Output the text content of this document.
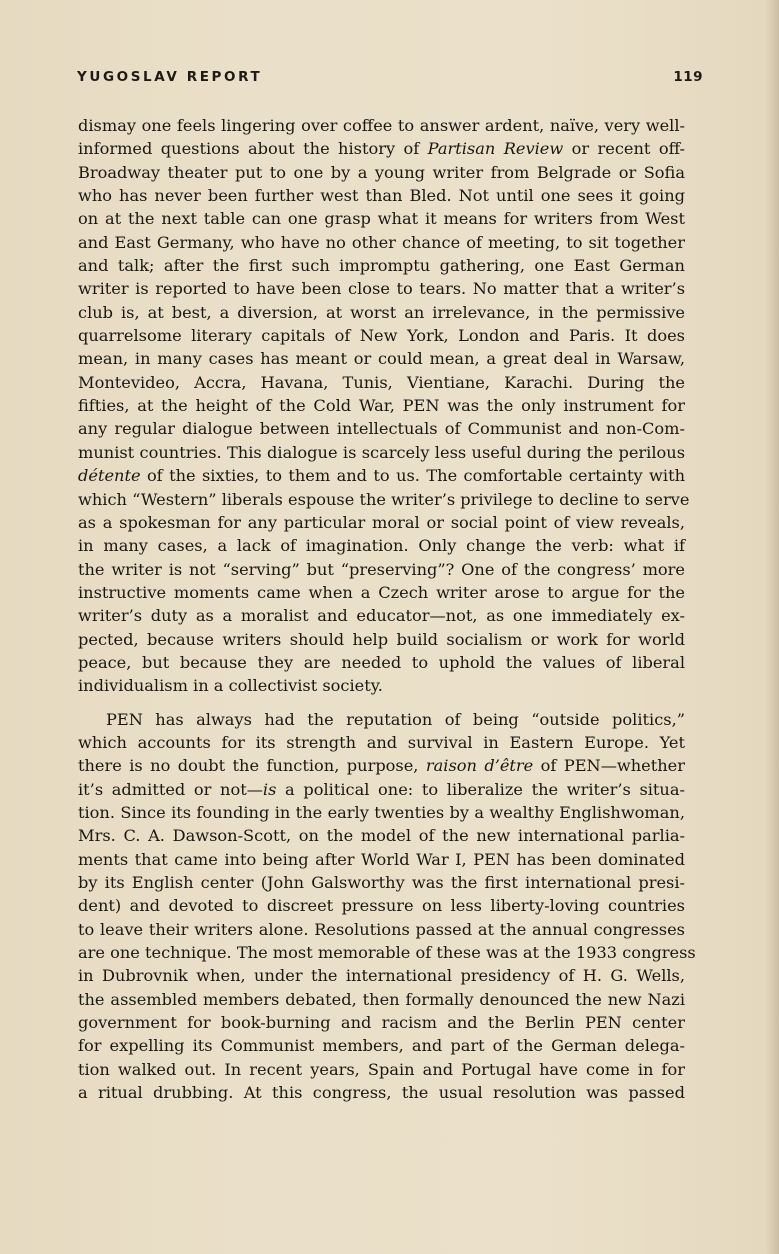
YUGOSLAV REPORT	119
dismay one feels lingering over coffee to answer ardent, naïve, very well-
informed questions about the history of Partisan Review or recent off-
Broadway theater put to one by a young writer from Belgrade or Sofia
who has never been further west than Bled. Not until one sees it going
on at the next table can one grasp what it means for writers from West
and East Germany, who have no other chance of meeting, to sit together
and talk; after the first such impromptu gathering, one East German
writer is reported to have been close to tears. No matter that a writer’s
club is, at best, a diversion, at worst an irrelevance, in the permissive
quarrelsome literary capitals of New York, London and Paris. It does
mean, in many cases has meant or could mean, a great deal in Warsaw,
Montevideo, Accra, Havana, Tunis, Vientiane, Karachi. During the
fifties, at the height of the Cold War, PEN was the only instrument for
any regular dialogue between intellectuals of Communist and non-Com-
munist countries. This dialogue is scarcely less useful during the perilous
détente of the sixties, to them and to us. The comfortable certainty with
which “Western” liberals espouse the writer’s privilege to decline to serve
as a spokesman for any particular moral or social point of view reveals,
in many cases, a lack of imagination. Only change the verb: what if
the writer is not “serving” but “preserving”? One of the congress’ more
instructive moments came when a Czech writer arose to argue for the
writer’s duty as a moralist and educator—not, as one immediately ex-
pected, because writers should help build socialism or work for world
peace, but because they are needed to uphold the values of liberal
individualism in a collectivist society.
PEN has always had the reputation of being “outside politics,”
which accounts for its strength and survival in Eastern Europe. Yet
there is no doubt the function, purpose, raison d’être of PEN—whether
it’s admitted or not—is a political one: to liberalize the writer’s situa-
tion. Since its founding in the early twenties by a wealthy Englishwoman,
Mrs. C. A. Dawson-Scott, on the model of the new international parlia-
ments that came into being after World War I, PEN has been dominated
by its English center (John Galsworthy was the first international presi-
dent) and devoted to discreet pressure on less liberty-loving countries
to leave their writers alone. Resolutions passed at the annual congresses
are one technique. The most memorable of these was at the 1933 congress
in Dubrovnik when, under the international presidency of H. G. Wells,
the assembled members debated, then formally denounced the new Nazi
government for book-burning and racism and the Berlin PEN center
for expelling its Communist members, and part of the German delega-
tion walked out. In recent years, Spain and Portugal have come in for
a ritual drubbing. At this congress, the usual resolution was passed
